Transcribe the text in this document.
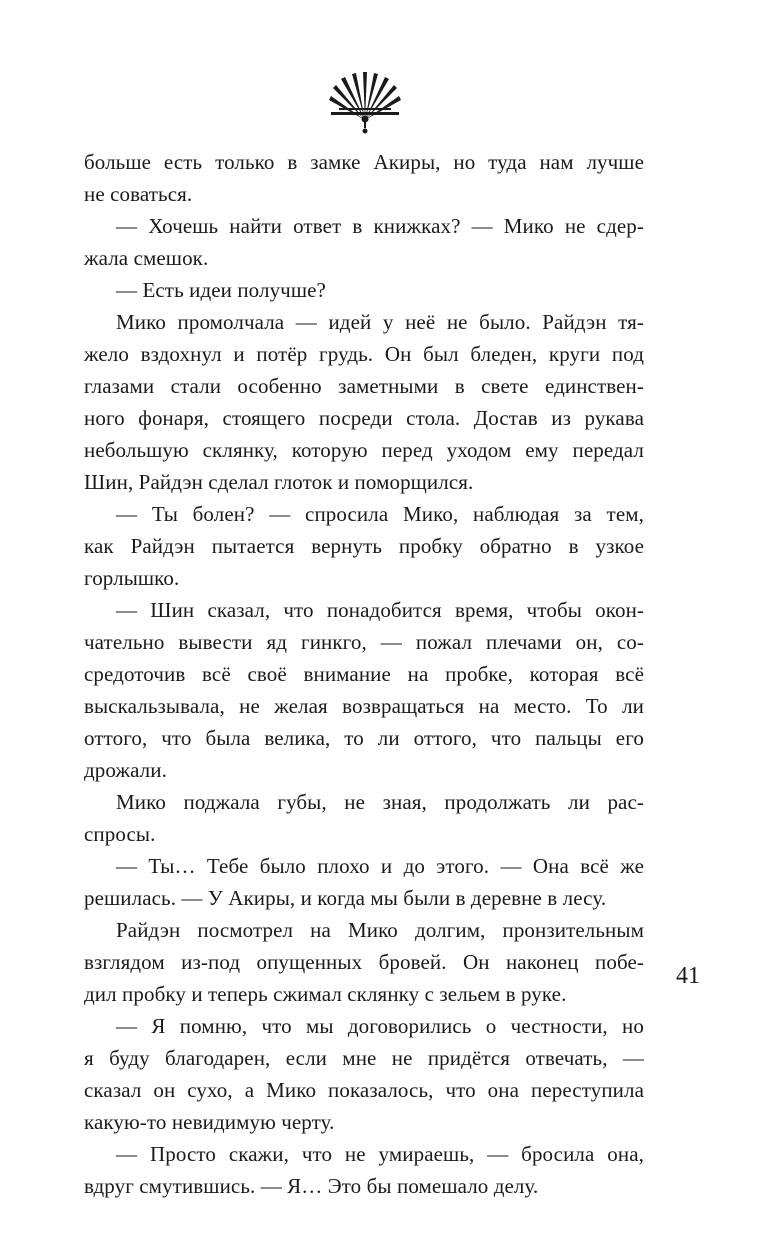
больше есть только в замке Акиры, но туда нам лучше
не соваться.
— Хочешь найти ответ в книжках? — Мико не сдер-
жала смешок.
— Есть идеи получше?
Мико промолчала — идей у неё не было. Райдэн тя-
жело вздохнул и потёр грудь. Он был бледен, круги под
глазами стали особенно заметными в свете единствен-
ного фонаря, стоящего посреди стола. Достав из рукава
небольшую склянку, которую перед уходом ему передал
Шин, Райдэн сделал глоток и поморщился.
— Ты болен? — спросила Мико, наблюдая за тем,
как Райдэн пытается вернуть пробку обратно в узкое
горлышко.
— Шин сказал, что понадобится время, чтобы окон-
чательно вывести яд гинкго, — пожал плечами он, со-
средоточив всё своё внимание на пробке, которая всё
выскальзывала, не желая возвращаться на место. То ли
оттого, что была велика, то ли оттого, что пальцы его
дрожали.
Мико поджала губы, не зная, продолжать ли рас-
спросы.
— Ты… Тебе было плохо и до этого. — Она всё же
решилась. — У Акиры, и когда мы были в деревне в лесу.
Райдэн посмотрел на Мико долгим, пронзительным
взглядом из-под опущенных бровей. Он наконец побе-
дил пробку и теперь сжимал склянку с зельем в руке.
— Я помню, что мы договорились о честности, но
я буду благодарен, если мне не придётся отвечать, —
сказал он сухо, а Мико показалось, что она переступила
какую-то невидимую черту.
— Просто скажи, что не умираешь, — бросила она,
вдруг смутившись. — Я… Это бы помешало делу.
41
